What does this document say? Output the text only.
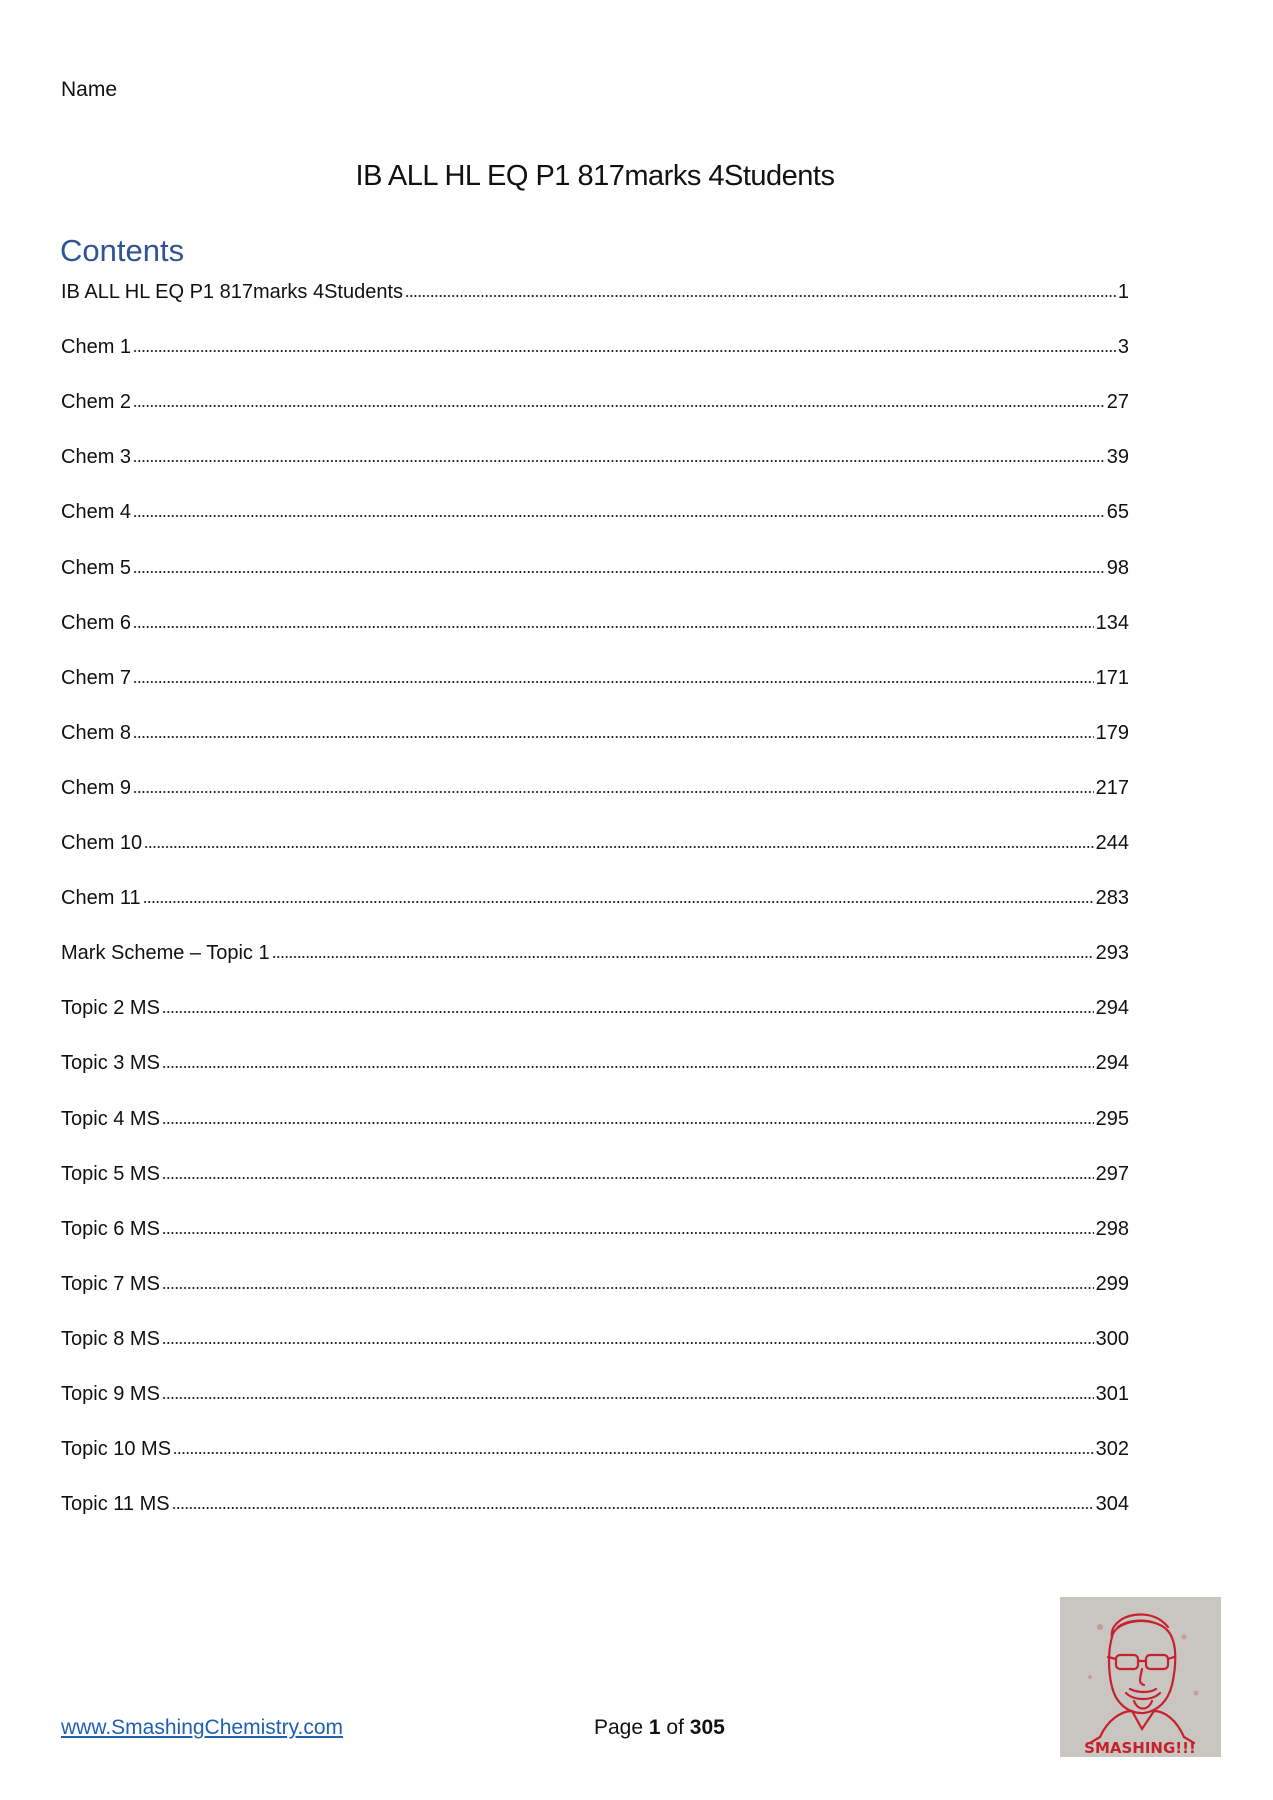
Name
IB ALL HL EQ P1 817marks 4Students
Contents
IB ALL HL EQ P1 817marks 4Students	1
Chem 1	3
Chem 2	27
Chem 3	39
Chem 4	65
Chem 5	98
Chem 6	134
Chem 7	171
Chem 8	179
Chem 9	217
Chem 10	244
Chem 11	283
Mark Scheme – Topic 1	293
Topic 2 MS	294
Topic 3 MS	294
Topic 4 MS	295
Topic 5 MS	297
Topic 6 MS	298
Topic 7 MS	299
Topic 8 MS	300
Topic 9 MS	301
Topic 10 MS	302
Topic 11 MS	304
www.SmashingChemistry.com	Page 1 of 305
SMASHING!!!
